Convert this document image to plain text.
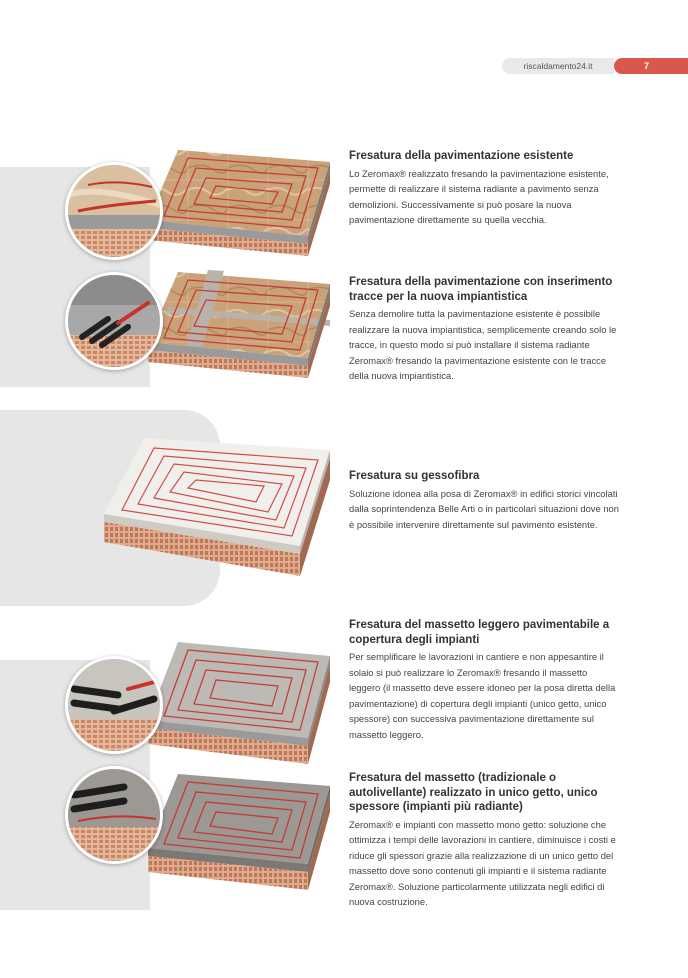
riscaldamento24.it	7
Fresatura della pavimentazione esistente
Lo Zeromax® realizzato fresando la pavimentazione esistente, permette di realizzare il sistema radiante a pavimento senza demolizioni. Successivamente si può posare la nuova pavimentazione direttamente su quella vecchia.
Fresatura della pavimentazione con inserimento tracce per la nuova impiantistica
Senza demolire tutta la pavimentazione esistente è possibile realizzare la nuova impiantistica, semplicemente creando solo le tracce, in questo modo si può installare il sistema radiante Zeromax® fresando la pavimentazione esistente con le tracce della nuova impiantistica.
Fresatura su gessofibra
Soluzione idonea alla posa di Zeromax® in edifici storici vincolati dalla soprintendenza Belle Arti o in particolari situazioni dove non è possibile intervenire direttamente sul pavimento esistente.
Fresatura del massetto leggero pavimentabile a copertura degli impianti
Per semplificare le lavorazioni in cantiere e non appesantire il solaio si può realizzare lo Zeromax® fresando il massetto leggero (il massetto deve essere idoneo per la posa diretta della pavimentazione) di copertura degli impianti (unico getto, unico spessore) con successiva pavimentazione direttamente sul massetto leggero.
Fresatura del massetto (tradizionale o autolivellante) realizzato in unico getto, unico spessore (impianti più radiante)
Zeromax® e impianti con massetto mono getto: soluzione che ottimizza i tempi delle lavorazioni in cantiere, diminuisce i costi e riduce gli spessori grazie alla realizzazione di un unico getto del massetto dove sono contenuti gli impianti e il sistema radiante Zeromax®. Soluzione particolarmente utilizzata negli edifici di nuova costruzione.
